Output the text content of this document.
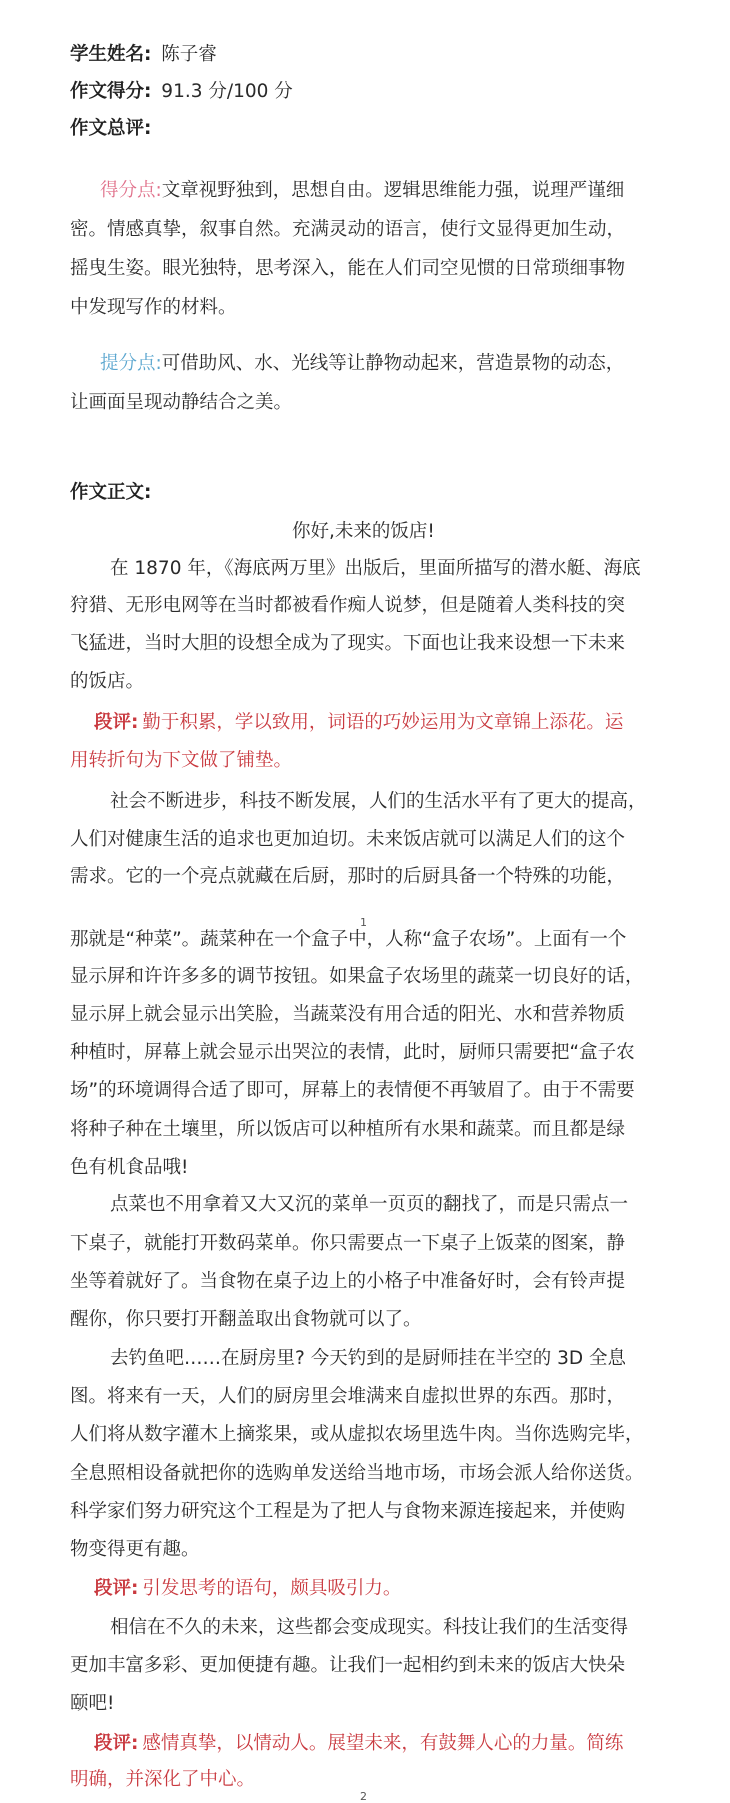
学生姓名: 陈子睿
作文得分: 91.3 分/100 分
作文总评:
得分点:文章视野独到，思想自由。逻辑思维能力强，说理严谨细
密。情感真挚，叙事自然。充满灵动的语言，使行文显得更加生动，
摇曳生姿。眼光独特，思考深入，能在人们司空见惯的日常琐细事物
中发现写作的材料。
提分点:可借助风、水、光线等让静物动起来，营造景物的动态，
让画面呈现动静结合之美。
作文正文:
你好,未来的饭店!
在 1870 年，《海底两万里》出版后，里面所描写的潜水艇、海底
狩猎、无形电网等在当时都被看作痴人说梦，但是随着人类科技的突
飞猛进，当时大胆的设想全成为了现实。下面也让我来设想一下未来
的饭店。
段评: 勤于积累，学以致用，词语的巧妙运用为文章锦上添花。运
用转折句为下文做了铺垫。
社会不断进步，科技不断发展，人们的生活水平有了更大的提高，
人们对健康生活的追求也更加迫切。未来饭店就可以满足人们的这个
需求。它的一个亮点就藏在后厨，那时的后厨具备一个特殊的功能，
1
那就是“种菜”。蔬菜种在一个盒子中，人称“盒子农场”。上面有一个
显示屏和许许多多的调节按钮。如果盒子农场里的蔬菜一切良好的话，
显示屏上就会显示出笑脸，当蔬菜没有用合适的阳光、水和营养物质
种植时，屏幕上就会显示出哭泣的表情，此时，厨师只需要把“盒子农
场”的环境调得合适了即可，屏幕上的表情便不再皱眉了。由于不需要
将种子种在土壤里，所以饭店可以种植所有水果和蔬菜。而且都是绿
色有机食品哦!
点菜也不用拿着又大又沉的菜单一页页的翻找了，而是只需点一
下桌子，就能打开数码菜单。你只需要点一下桌子上饭菜的图案，静
坐等着就好了。当食物在桌子边上的小格子中准备好时，会有铃声提
醒你，你只要打开翻盖取出食物就可以了。
去钓鱼吧……在厨房里? 今天钓到的是厨师挂在半空的 3D 全息
图。将来有一天，人们的厨房里会堆满来自虚拟世界的东西。那时，
人们将从数字灌木上摘浆果，或从虚拟农场里选牛肉。当你选购完毕，
全息照相设备就把你的选购单发送给当地市场，市场会派人给你送货。
科学家们努力研究这个工程是为了把人与食物来源连接起来，并使购
物变得更有趣。
段评: 引发思考的语句，颇具吸引力。
相信在不久的未来，这些都会变成现实。科技让我们的生活变得
更加丰富多彩、更加便捷有趣。让我们一起相约到未来的饭店大快朵
颐吧!
段评: 感情真挚，以情动人。展望未来，有鼓舞人心的力量。简练
明确，并深化了中心。
2
